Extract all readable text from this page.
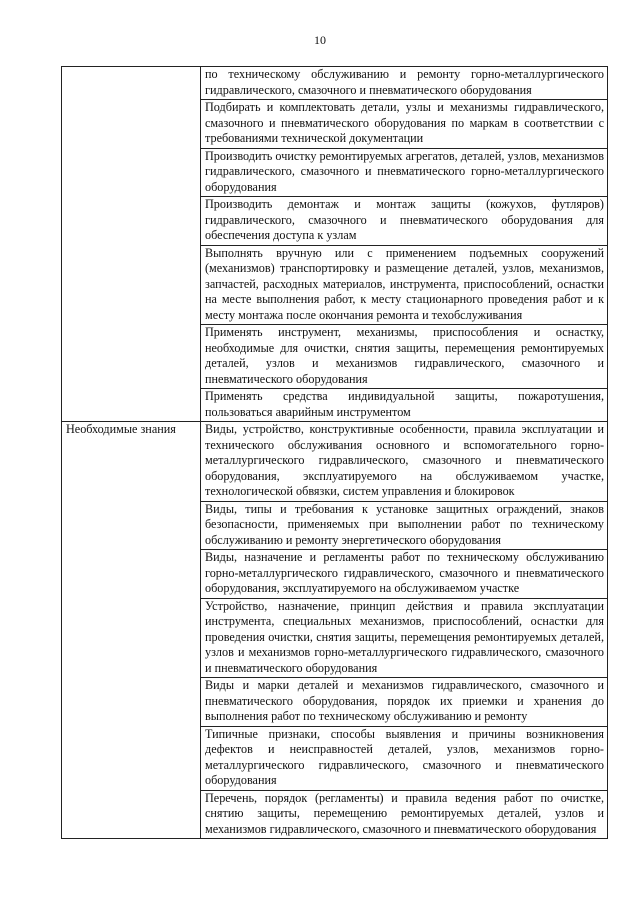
10
	по техническому обслуживанию и ремонту горно-металлургического гидравлического, смазочного и пневматического оборудования
	Подбирать и комплектовать детали, узлы и механизмы гидравлического, смазочного и пневматического оборудования по маркам в соответствии с требованиями технической документации
	Производить очистку ремонтируемых агрегатов, деталей, узлов, механизмов гидравлического, смазочного и пневматического горно-металлургического оборудования
	Производить демонтаж и монтаж защиты (кожухов, футляров) гидравлического, смазочного и пневматического оборудования для обеспечения доступа к узлам
	Выполнять вручную или с применением подъемных сооружений (механизмов) транспортировку и размещение деталей, узлов, механизмов, запчастей, расходных материалов, инструмента, приспособлений, оснастки на месте выполнения работ, к месту стационарного проведения работ и к месту монтажа после окончания ремонта и техобслуживания
	Применять инструмент, механизмы, приспособления и оснастку, необходимые для очистки, снятия защиты, перемещения ремонтируемых деталей, узлов и механизмов гидравлического, смазочного и пневматического оборудования
	Применять средства индивидуальной защиты, пожаротушения, пользоваться аварийным инструментом
Необходимые знания	Виды, устройство, конструктивные особенности, правила эксплуатации и технического обслуживания основного и вспомогательного горно-металлургического гидравлического, смазочного и пневматического оборудования, эксплуатируемого на обслуживаемом участке, технологической обвязки, систем управления и блокировок
	Виды, типы и требования к установке защитных ограждений, знаков безопасности, применяемых при выполнении работ по техническому обслуживанию и ремонту энергетического оборудования
	Виды, назначение и регламенты работ по техническому обслуживанию горно-металлургического гидравлического, смазочного и пневматического оборудования, эксплуатируемого на обслуживаемом участке
	Устройство, назначение, принцип действия и правила эксплуатации инструмента, специальных механизмов, приспособлений, оснастки для проведения очистки, снятия защиты, перемещения ремонтируемых деталей, узлов и механизмов горно-металлургического гидравлического, смазочного и пневматического оборудования
	Виды и марки деталей и механизмов гидравлического, смазочного и пневматического оборудования, порядок их приемки и хранения до выполнения работ по техническому обслуживанию и ремонту
	Типичные признаки, способы выявления и причины возникновения дефектов и неисправностей деталей, узлов, механизмов горно-металлургического гидравлического, смазочного и пневматического оборудования
	Перечень, порядок (регламенты) и правила ведения работ по очистке, снятию защиты, перемещению ремонтируемых деталей, узлов и механизмов гидравлического, смазочного и пневматического оборудования
